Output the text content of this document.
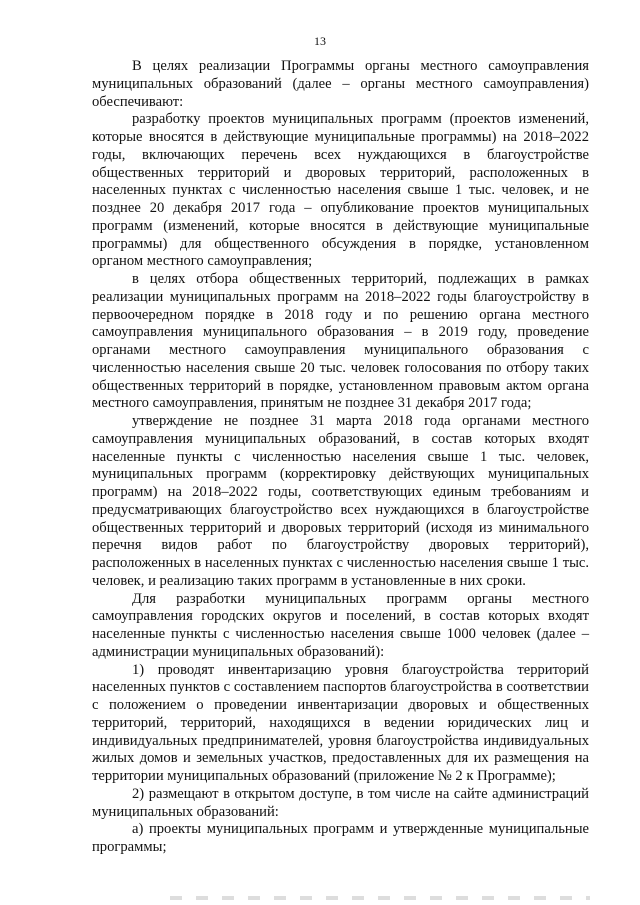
13

В целях реализации Программы органы местного самоуправления муниципальных образований (далее – органы местного самоуправления) обеспечивают:

разработку проектов муниципальных программ (проектов изменений, которые вносятся в действующие муниципальные программы) на 2018–2022 годы, включающих перечень всех нуждающихся в благоустройстве общественных территорий и дворовых территорий, расположенных в населенных пунктах с численностью населения свыше 1 тыс. человек, и не позднее 20 декабря 2017 года – опубликование проектов муниципальных программ (изменений, которые вносятся в действующие муниципальные программы) для общественного обсуждения в порядке, установленном органом местного самоуправления;

в целях отбора общественных территорий, подлежащих в рамках реализации муниципальных программ на 2018–2022 годы благоустройству в первоочередном порядке в 2018 году и по решению органа местного самоуправления муниципального образования – в 2019 году, проведение органами местного самоуправления муниципального образования с численностью населения свыше 20 тыс. человек голосования по отбору таких общественных территорий в порядке, установленном правовым актом органа местного самоуправления, принятым не позднее 31 декабря 2017 года;

утверждение не позднее 31 марта 2018 года органами местного самоуправления муниципальных образований, в состав которых входят населенные пункты с численностью населения свыше 1 тыс. человек, муниципальных программ (корректировку действующих муниципальных программ) на 2018–2022 годы, соответствующих единым требованиям и предусматривающих благоустройство всех нуждающихся в благоустройстве общественных территорий и дворовых территорий (исходя из минимального перечня видов работ по благоустройству дворовых территорий), расположенных в населенных пунктах с численностью населения свыше 1 тыс. человек, и реализацию таких программ в установленные в них сроки.

Для разработки муниципальных программ органы местного самоуправления городских округов и поселений, в состав которых входят населенные пункты с численностью населения свыше 1000 человек (далее – администрации муниципальных образований):

1) проводят инвентаризацию уровня благоустройства территорий населенных пунктов с составлением паспортов благоустройства в соответствии с положением о проведении инвентаризации дворовых и общественных территорий, территорий, находящихся в ведении юридических лиц и индивидуальных предпринимателей, уровня благоустройства индивидуальных жилых домов и земельных участков, предоставленных для их размещения на территории муниципальных образований (приложение № 2 к Программе);

2) размещают в открытом доступе, в том числе на сайте администраций муниципальных образований:

а) проекты муниципальных программ и утвержденные муниципальные программы;
